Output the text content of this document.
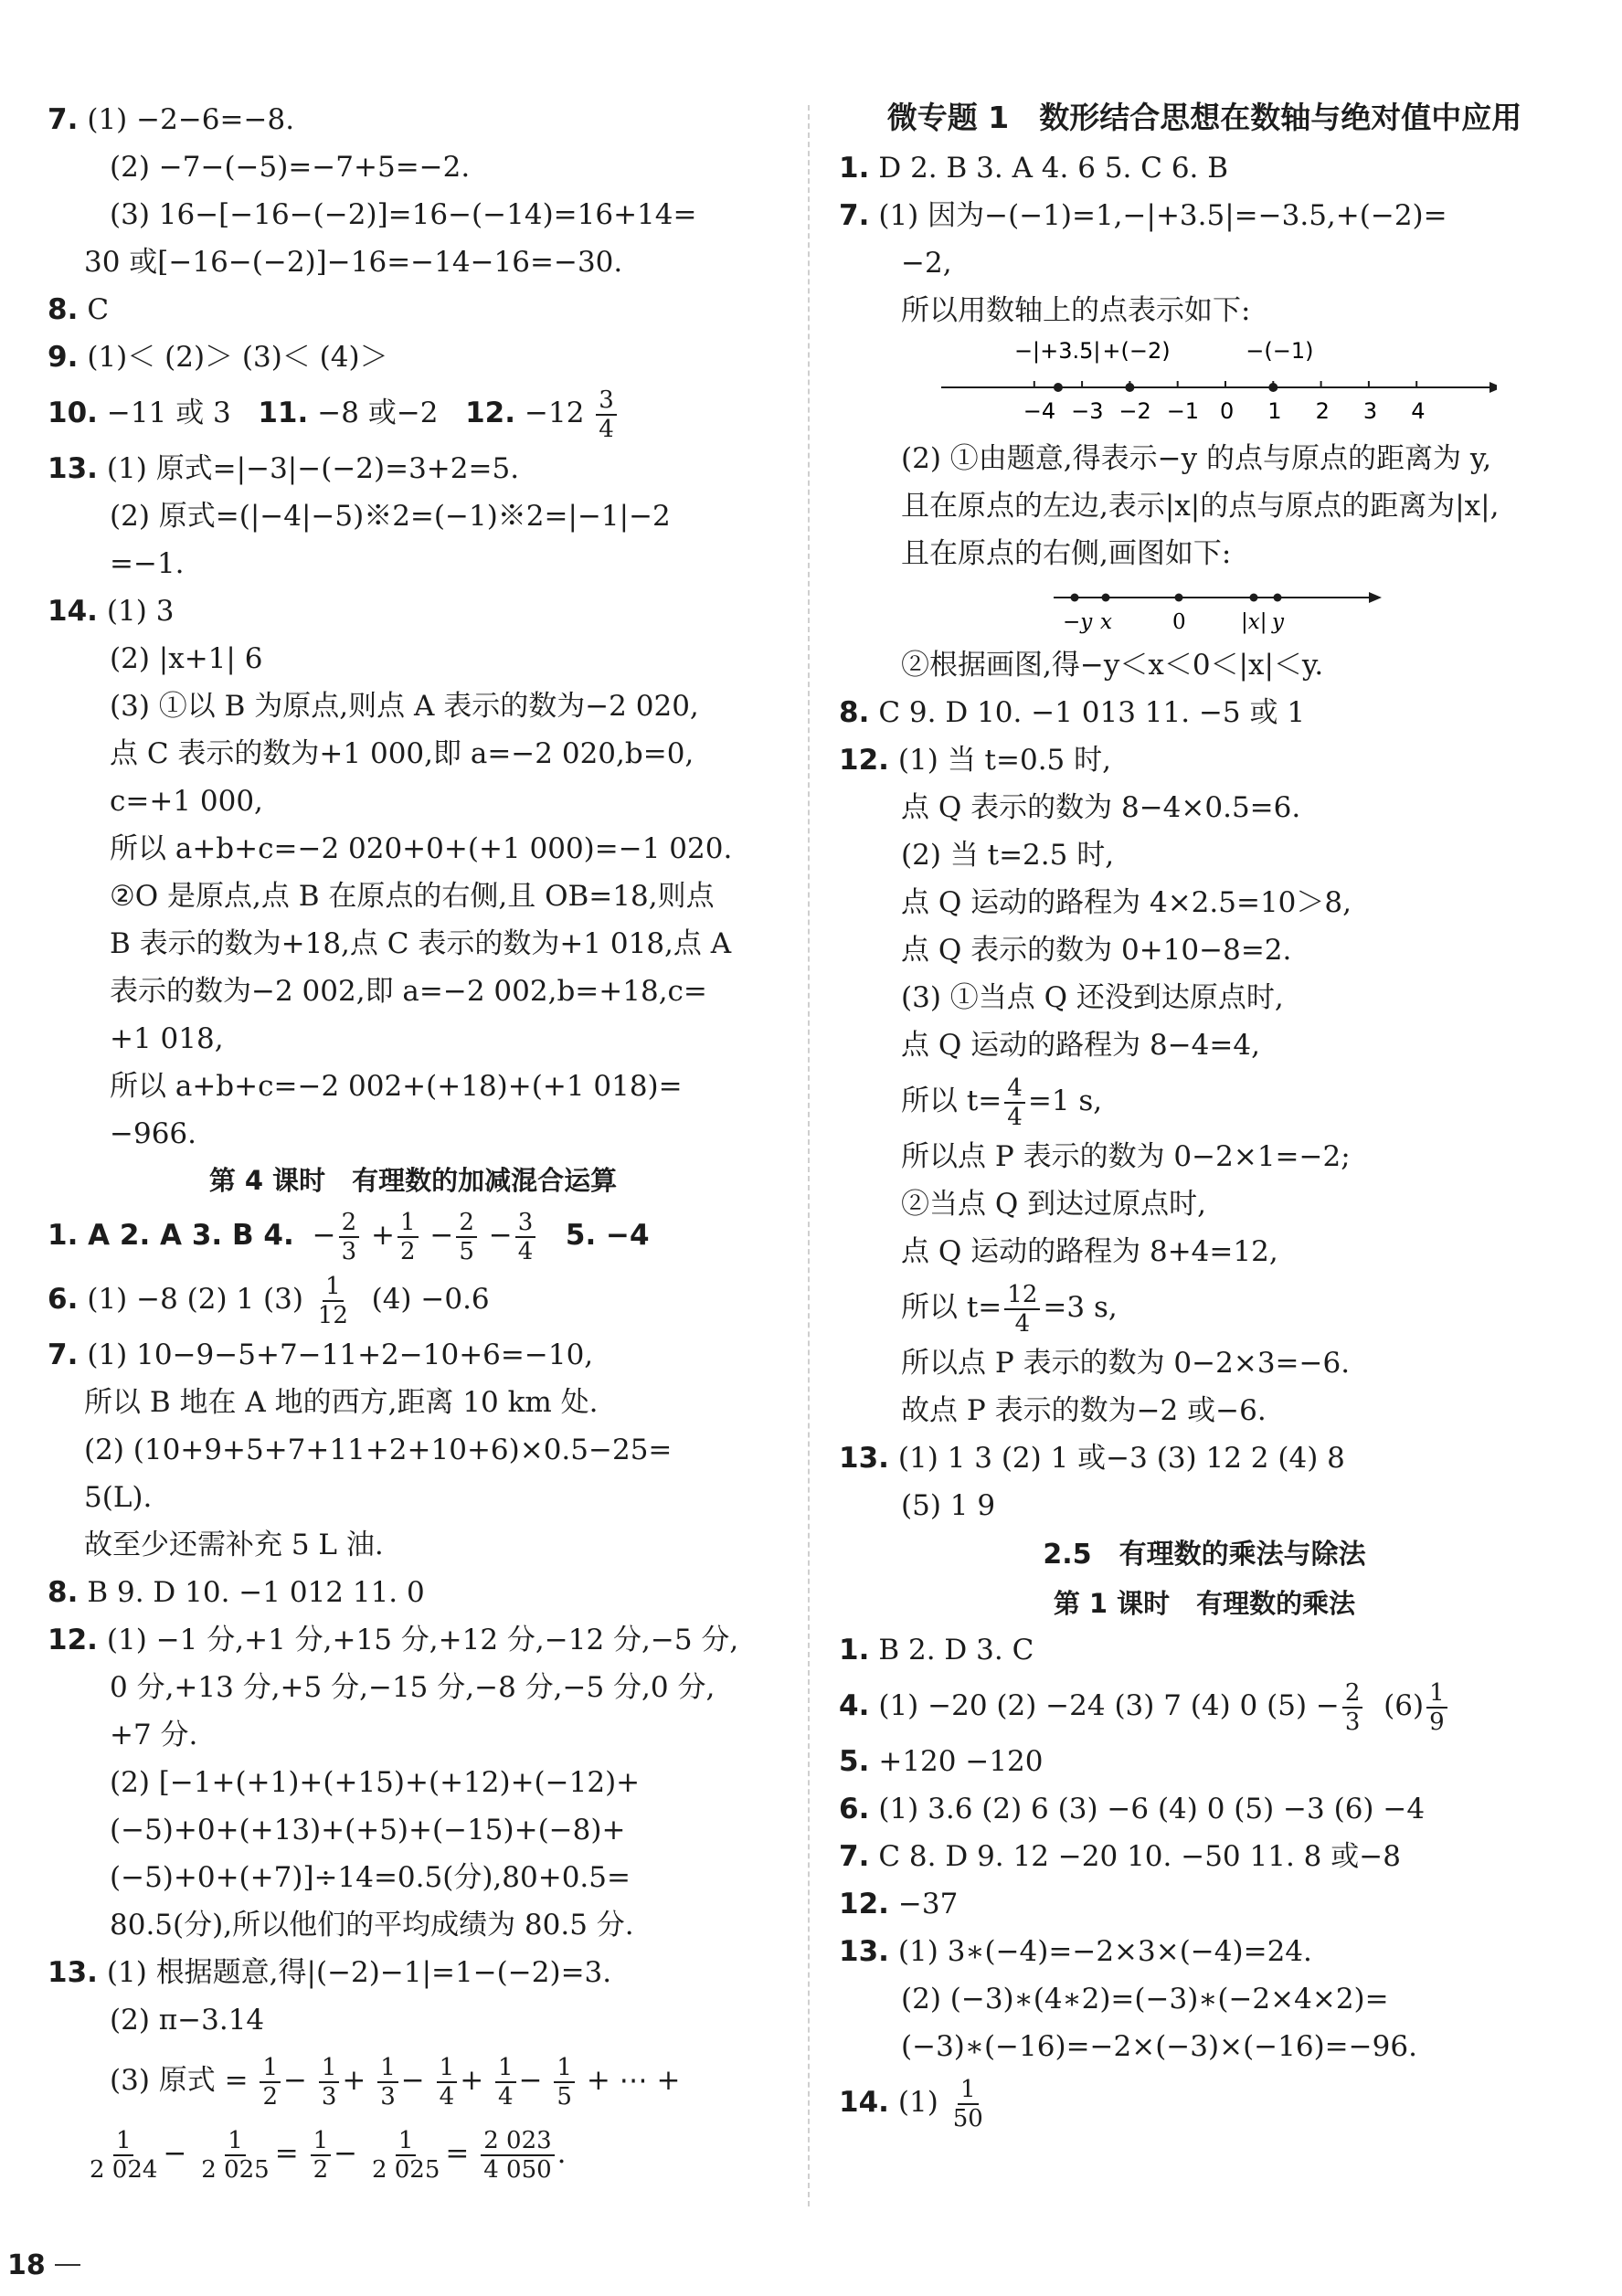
7. (1) −2−6=−8.
(2) −7−(−5)=−7+5=−2.
(3) 16−[−16−(−2)]=16−(−14)=16+14=
30 或[−16−(−2)]−16=−14−16=−30.
8. C
9. (1)＜ (2)＞ (3)＜ (4)＞
10. −11 或 3 11. −8 或−2 12. $-12 \frac{3}{4}$
13. (1) 原式=|−3|−(−2)=3+2=5.
(2) 原式=(|−4|−5)※2=(−1)※2=|−1|−2
=−1.
14. (1) 3
(2) |x+1| 6
(3) ①以 B 为原点,则点 A 表示的数为−2 020,
点 C 表示的数为+1 000,即 a=−2 020,b=0,
c=+1 000,
所以 a+b+c=−2 020+0+(+1 000)=−1 020.
②O 是原点,点 B 在原点的右侧,且 OB=18,则点
B 表示的数为+18,点 C 表示的数为+1 018,点 A
表示的数为−2 002,即 a=−2 002,b=+18,c=
+1 018,
所以 a+b+c=−2 002+(+18)+(+1 018)=
−966.
第 4 课时　有理数的加减混合运算
1. A 2. A 3. B 4. − $\frac{2}{3} + \frac{1}{2} - \frac{2}{5} - \frac{3}{4} 5$. −4
6. (1) −8 (2) 1 $(3) \frac{1}{12} (4) -0.6$
7. (1) 10−9−5+7−11+2−10+6=−10,
所以 B 地在 A 地的西方,距离 10 km 处.
(2) (10+9+5+7+11+2+10+6)×0.5−25=
5(L).
故至少还需补充 5 L 油.
8. B 9. D 10. −1 012 11. 0
12. (1) −1 分,+1 分,+15 分,+12 分,−12 分,−5 分,
0 分,+13 分,+5 分,−15 分,−8 分,−5 分,0 分,
+7 分.
(2) [−1+(+1)+(+15)+(+12)+(−12)+
(−5)+0+(+13)+(+5)+(−15)+(−8)+
(−5)+0+(+7)]÷14=0.5(分),80+0.5=
80.5(分),所以他们的平均成绩为 80.5 分.
13. (1) 根据题意,得|(−2)−1|=1−(−2)=3.
(2) π−3.14
(3) 原式 = $\frac{1}{2} - \frac{1}{3} + \frac{1}{3} - \frac{1}{4} + \frac{1}{4} - \frac{1}{5}$ + ⋯ +
$\frac{1}{2 024} - \frac{1}{2 025} = \frac{1}{2} - \frac{1}{2 025} = \frac{2 023}{4 050}$ .
微专题 1　数形结合思想在数轴与绝对值中应用
1. D 2. B 3. A 4. 6 5. C 6. B
7. (1) 因为−(−1)=1,−|+3.5|=−3.5,+(−2)=
−2,
所以用数轴上的点表示如下:
−4 −3 −2 −1 0 1 2 3 4
−|+3.5| +(−2)	−(−1)
(2) ①由题意,得表示−y 的点与原点的距离为 y,
且在原点的左边,表示|x|的点与原点的距离为|x|,
且在原点的右侧,画图如下:
−y x	0	|x| y
②根据画图,得−y＜x＜0＜|x|＜y.
8. C 9. D 10. −1 013 11. −5 或 1
12. (1) 当 t=0.5 时,
点 Q 表示的数为 8−4×0.5=6.
(2) 当 t=2.5 时,
点 Q 运动的路程为 4×2.5=10＞8,
点 Q 表示的数为 0+10−8=2.
(3) ①当点 Q 还没到达原点时,
点 Q 运动的路程为 8−4=4,
所以 $t= \frac{4}{4} =1$ s,
所以点 P 表示的数为 0−2×1=−2;
②当点 Q 到达过原点时,
点 Q 运动的路程为 8+4=12,
所以 $t= \frac{12}{4} =3$ s,
所以点 P 表示的数为 0−2×3=−6.
故点 P 表示的数为−2 或−6.
13. (1) 1 3 (2) 1 或−3 (3) 12 2 (4) 8
(5) 1 9
2.5　有理数的乘法与除法
第 1 课时　有理数的乘法
1. B 2. D 3. C
4. (1) −20 (2) −24 (3) 7 (4) 0 $(5) - \frac{2}{3} (6) \frac{1}{9}$
5. +120 −120
6. (1) 3.6 (2) 6 (3) −6 (4) 0 (5) −3 (6) −4
7. C 8. D 9. 12 −20 10. −50 11. 8 或−8
12. −37
13. (1) 3∗(−4)=−2×3×(−4)=24.
(2) (−3)∗(4∗2)=(−3)∗(−2×4×2)=
(−3)∗(−16)=−2×(−3)×(−16)=−96.
14. $(1) \frac{1}{50}$
18
